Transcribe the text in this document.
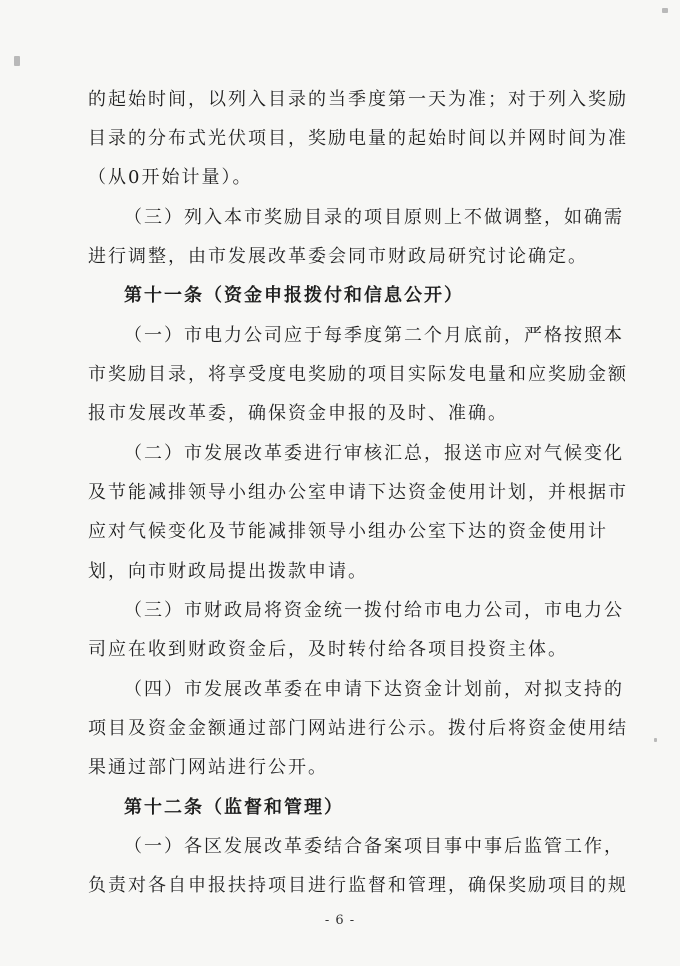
的起始时间，以列入目录的当季度第一天为准；对于列入奖励
目录的分布式光伏项目，奖励电量的起始时间以并网时间为准
（从0开始计量）。
（三）列入本市奖励目录的项目原则上不做调整，如确需
进行调整，由市发展改革委会同市财政局研究讨论确定。
第十一条（资金申报拨付和信息公开）
（一）市电力公司应于每季度第二个月底前，严格按照本
市奖励目录，将享受度电奖励的项目实际发电量和应奖励金额
报市发展改革委，确保资金申报的及时、准确。
（二）市发展改革委进行审核汇总，报送市应对气候变化
及节能减排领导小组办公室申请下达资金使用计划，并根据市
应对气候变化及节能减排领导小组办公室下达的资金使用计
划，向市财政局提出拨款申请。
（三）市财政局将资金统一拨付给市电力公司，市电力公
司应在收到财政资金后，及时转付给各项目投资主体。
（四）市发展改革委在申请下达资金计划前，对拟支持的
项目及资金金额通过部门网站进行公示。拨付后将资金使用结
果通过部门网站进行公开。
- 6 -
第十二条（监督和管理）
（一）各区发展改革委结合备案项目事中事后监管工作，
负责对各自申报扶持项目进行监督和管理，确保奖励项目的规
